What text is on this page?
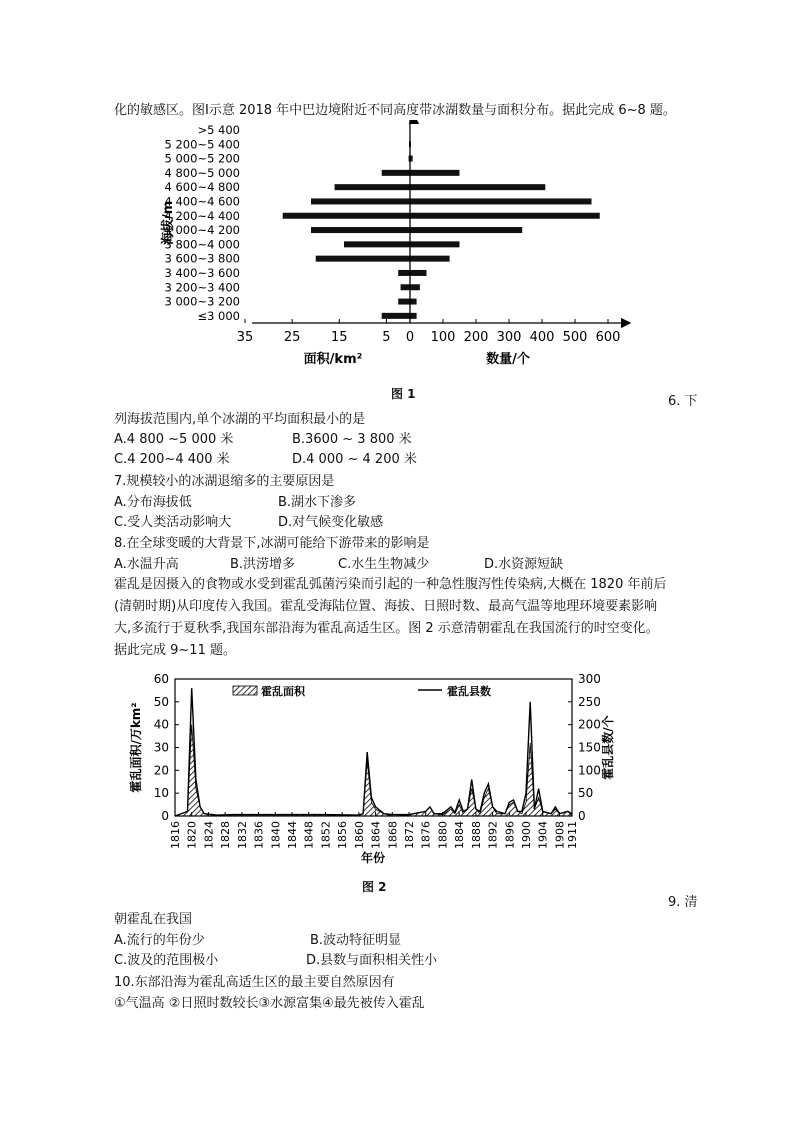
化的敏感区。图Ⅰ示意 2018 年中巴边境附近不同高度带冰湖数量与面积分布。据此完成 6~8 题。
≤3 000
3 000~3 200
3 200~3 400
3 400~3 600
3 600~3 800
3 800~4 000
4 000~4 200
4 200~4 400
4 400~4 600
4 600~4 800
4 800~5 000
5 000~5 200
5 200~5 400
>5 400
35 25 15	5 0 100 200 300 400 500 600
面积/km²	数量/个
海拔/m
图 1	6. 下
列海拔范围内,单个冰湖的平均面积最小的是
A.4 800 ~5 000 米	B.3600 ~ 3 800 米
C.4 200~4 400 米	D.4 000 ~ 4 200 米
7.规模较小的冰湖退缩多的主要原因是
A.分布海拔低	B.湖水下渗多
C.受人类活动影响大	D.对气候变化敏感
8.在全球变暖的大背景下,冰湖可能给下游带来的影响是
A.水温升高	B.洪涝增多	C.水生生物减少	D.水资源短缺
霍乱是因摄入的食物或水受到霍乱弧菌污染而引起的一种急性腹泻性传染病,大概在 1820 年前后
(清朝时期)从印度传入我国。霍乱受海陆位置、海拔、日照时数、最高气温等地理环境要素影响
大,多流行于夏秋季,我国东部沿海为霍乱高适生区。图 2 示意清朝霍乱在我国流行的时空变化。
据此完成 9~11 题。
0
10
20
30
40
50
60
0
50
100
150
200
250
300
1816 1820 1824 1828 1832 1836 1840 1844 1848 1852 1856 1860 1864 1868 1872 1876 1880 1884 1888 1892 1896 1900 1904 1908 1911
霍乱面积	霍乱县数
霍乱面积/万km²	霍乱县数/个
年份
图 2
9. 清
朝霍乱在我国
A.流行的年份少	B.波动特征明显
C.波及的范围极小	D.县数与面积相关性小
10.东部沿海为霍乱高适生区的最主要自然原因有
①气温高 ②日照时数较长③水源富集④最先被传入霍乱
